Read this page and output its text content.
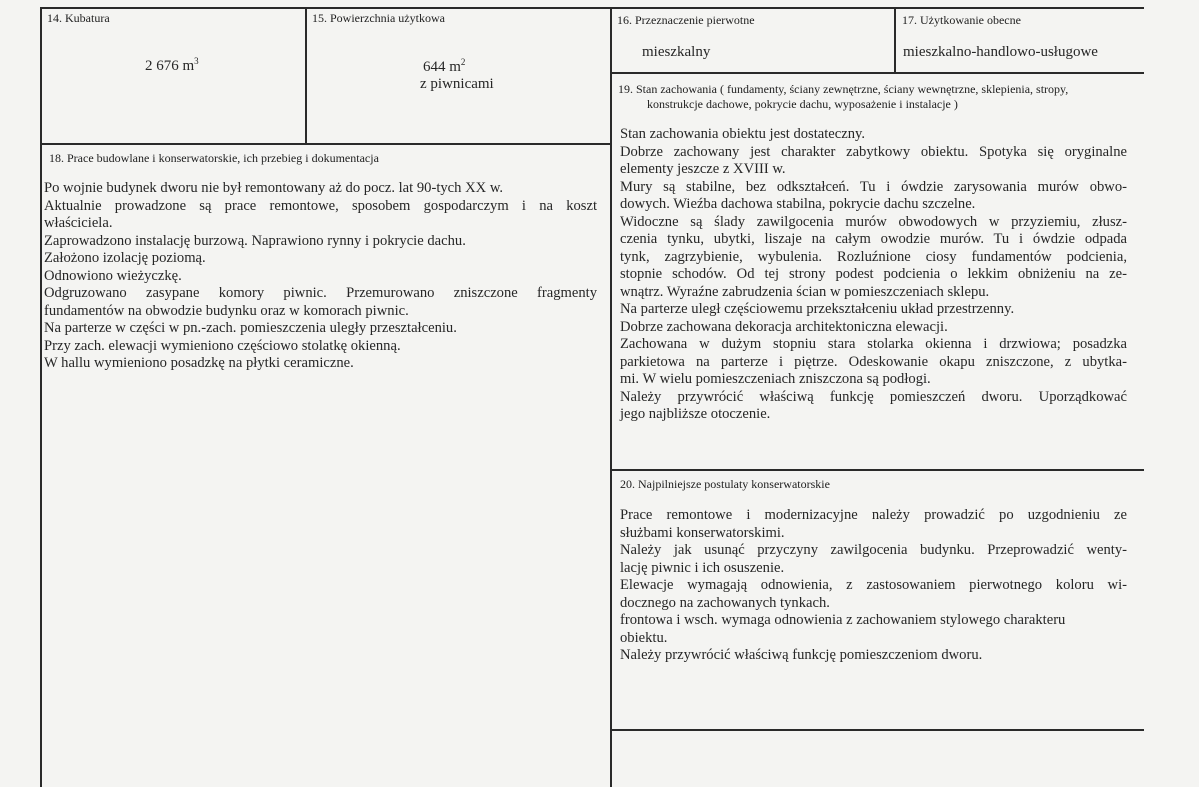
14. Kubatura
2 676 $m^3$
15. Powierzchnia użytkowa
644 $m^2$
z piwnicami
16. Przeznaczenie pierwotne
mieszkalny
17. Użytkowanie obecne
mieszkalno-handlowo-usługowe
18. Prace budowlane i konserwatorskie, ich przebieg i dokumentacja
Po wojnie budynek dworu nie był remontowany aż do pocz. lat 90-tych XX w.
Aktualnie prowadzone są prace remontowe, sposobem gospodarczym i na koszt
właściciela.
Zaprowadzono instalację burzową. Naprawiono rynny i pokrycie dachu.
Założono izolację poziomą.
Odnowiono wieżyczkę.
Odgruzowano zasypane komory piwnic. Przemurowano zniszczone fragmenty
fundamentów na obwodzie budynku oraz w komorach piwnic.
Na parterze w części w pn.-zach. pomieszczenia uległy przeształceniu.
Przy zach. elewacji wymieniono częściowo stolatkę okienną.
W hallu wymieniono posadzkę na płytki ceramiczne.
19. Stan zachowania ( fundamenty, ściany zewnętrzne, ściany wewnętrzne, sklepienia, stropy,
konstrukcje dachowe, pokrycie dachu, wyposażenie i instalacje )
Stan zachowania obiektu jest dostateczny.
Dobrze zachowany jest charakter zabytkowy obiektu. Spotyka się oryginalne
elementy jeszcze z XVIII w.
Mury są stabilne, bez odkształceń. Tu i ówdzie zarysowania murów obwo-
dowych. Wieźba dachowa stabilna, pokrycie dachu szczelne.
Widoczne są ślady zawilgocenia murów obwodowych w przyziemiu, złusz-
czenia tynku, ubytki, liszaje na całym owodzie murów. Tu i ówdzie odpada
tynk, zagrzybienie, wybulenia. Rozluźnione ciosy fundamentów podcienia,
stopnie schodów. Od tej strony podest podcienia o lekkim obniżeniu na ze-
wnątrz. Wyraźne zabrudzenia ścian w pomieszczeniach sklepu.
Na parterze uległ częściowemu przekształceniu układ przestrzenny.
Dobrze zachowana dekoracja architektoniczna elewacji.
Zachowana w dużym stopniu stara stolarka okienna i drzwiowa; posadzka
parkietowa na parterze i piętrze. Odeskowanie okapu zniszczone, z ubytka-
mi. W wielu pomieszczeniach zniszczona są podłogi.
Należy przywrócić właściwą funkcję pomieszczeń dworu. Uporządkować
jego najbliższe otoczenie.
20. Najpilniejsze postulaty konserwatorskie
Prace remontowe i modernizacyjne należy prowadzić po uzgodnieniu ze
służbami konserwatorskimi.
Należy jak usunąć przyczyny zawilgocenia budynku. Przeprowadzić wenty-
lację piwnic i ich osuszenie.
Elewacje wymagają odnowienia, z zastosowaniem pierwotnego koloru wi-
docznego na zachowanych tynkach.
frontowa i wsch. wymaga odnowienia z zachowaniem stylowego charakteru
obiektu.
Należy przywrócić właściwą funkcję pomieszczeniom dworu.
